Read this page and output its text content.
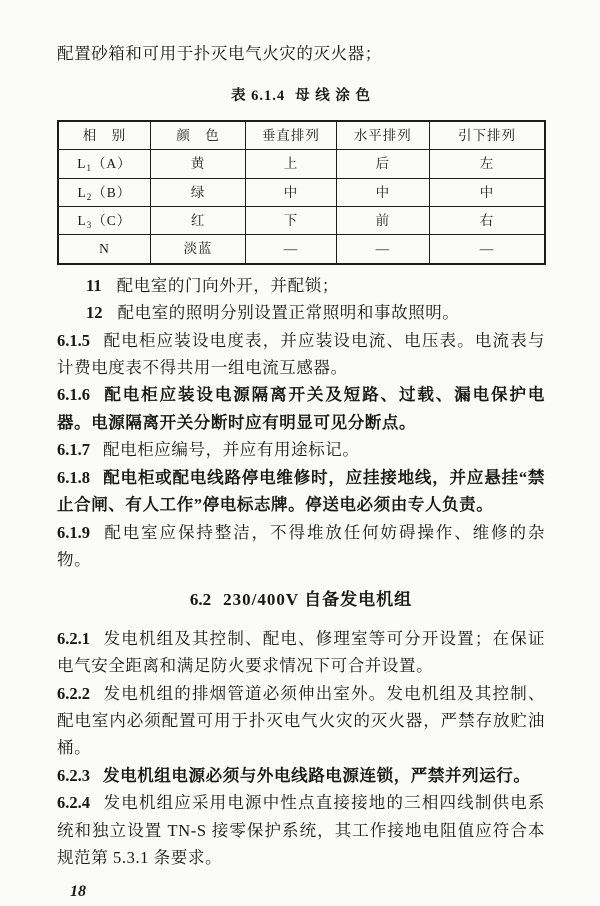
配置砂箱和可用于扑灭电气火灾的灭火器；

表 6.1.4 母 线 涂 色
相　别	颜　色	垂直排列	水平排列	引下排列
$L_1(A)$	黄	上	后	左
$L_2(B)$	绿	中	中	中
$L_3(C)$	红	下	前	右
N	淡蓝	—	—	—

11 配电室的门向外开，并配锁；

12 配电室的照明分别设置正常照明和事故照明。

6.1.5 配电柜应装设电度表，并应装设电流、电压表。电流表与计费电度表不得共用一组电流互感器。

6.1.6 配电柜应装设电源隔离开关及短路、过载、漏电保护电器。电源隔离开关分断时应有明显可见分断点。

6.1.7 配电柜应编号，并应有用途标记。

6.1.8 配电柜或配电线路停电维修时，应挂接地线，并应悬挂“禁止合闸、有人工作”停电标志牌。停送电必须由专人负责。

6.1.9 配电室应保持整洁，不得堆放任何妨碍操作、维修的杂物。

6.2 230/400V 自备发电机组

6.2.1 发电机组及其控制、配电、修理室等可分开设置；在保证电气安全距离和满足防火要求情况下可合并设置。

6.2.2 发电机组的排烟管道必须伸出室外。发电机组及其控制、配电室内必须配置可用于扑灭电气火灾的灭火器，严禁存放贮油桶。

6.2.3 发电机组电源必须与外电线路电源连锁，严禁并列运行。

6.2.4 发电机组应采用电源中性点直接接地的三相四线制供电系统和独立设置 TN-S 接零保护系统，其工作接地电阻值应符合本规范第 5.3.1 条要求。

18
